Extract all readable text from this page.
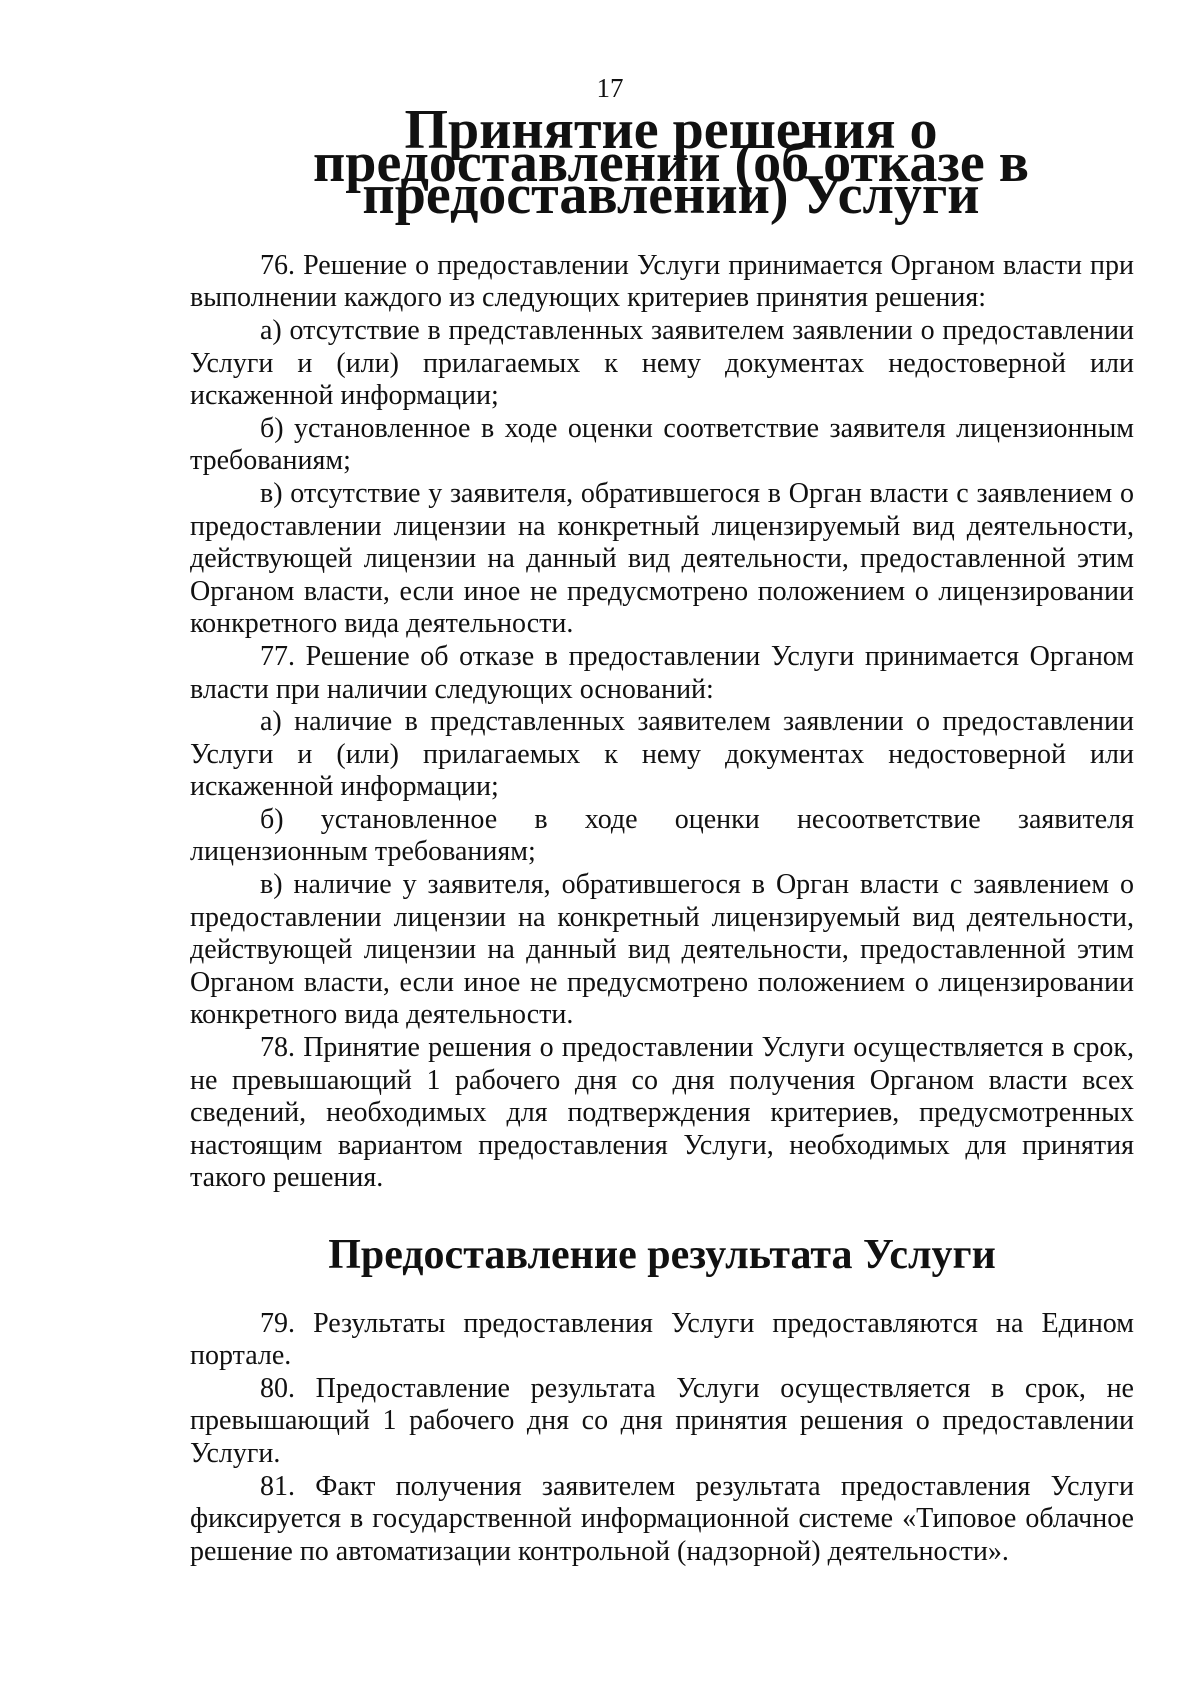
17
Принятие решения о предоставлении (об отказе в предоставлении) Услуги

76. Решение о предоставлении Услуги принимается Органом власти при выполнении каждого из следующих критериев принятия решения:

а) отсутствие в представленных заявителем заявлении о предоставлении Услуги и (или) прилагаемых к нему документах недостоверной или искаженной информации;

б) установленное в ходе оценки соответствие заявителя лицензионным требованиям;

в) отсутствие у заявителя, обратившегося в Орган власти с заявлением о предоставлении лицензии на конкретный лицензируемый вид деятельности, действующей лицензии на данный вид деятельности, предоставленной этим Органом власти, если иное не предусмотрено положением о лицензировании конкретного вида деятельности.

77. Решение об отказе в предоставлении Услуги принимается Органом власти при наличии следующих оснований:

а) наличие в представленных заявителем заявлении о предоставлении Услуги и (или) прилагаемых к нему документах недостоверной или искаженной информации;

б) установленное в ходе оценки несоответствие заявителя лицензионным требованиям;

в) наличие у заявителя, обратившегося в Орган власти с заявлением о предоставлении лицензии на конкретный лицензируемый вид деятельности, действующей лицензии на данный вид деятельности, предоставленной этим Органом власти, если иное не предусмотрено положением о лицензировании конкретного вида деятельности.

78. Принятие решения о предоставлении Услуги осуществляется в срок, не превышающий 1 рабочего дня со дня получения Органом власти всех сведений, необходимых для подтверждения критериев, предусмотренных настоящим вариантом предоставления Услуги, необходимых для принятия такого решения.

Предоставление результата Услуги

79. Результаты предоставления Услуги предоставляются на Едином портале.

80. Предоставление результата Услуги осуществляется в срок, не превышающий 1 рабочего дня со дня принятия решения о предоставлении Услуги.

81. Факт получения заявителем результата предоставления Услуги фиксируется в государственной информационной системе «Типовое облачное решение по автоматизации контрольной (надзорной) деятельности».
